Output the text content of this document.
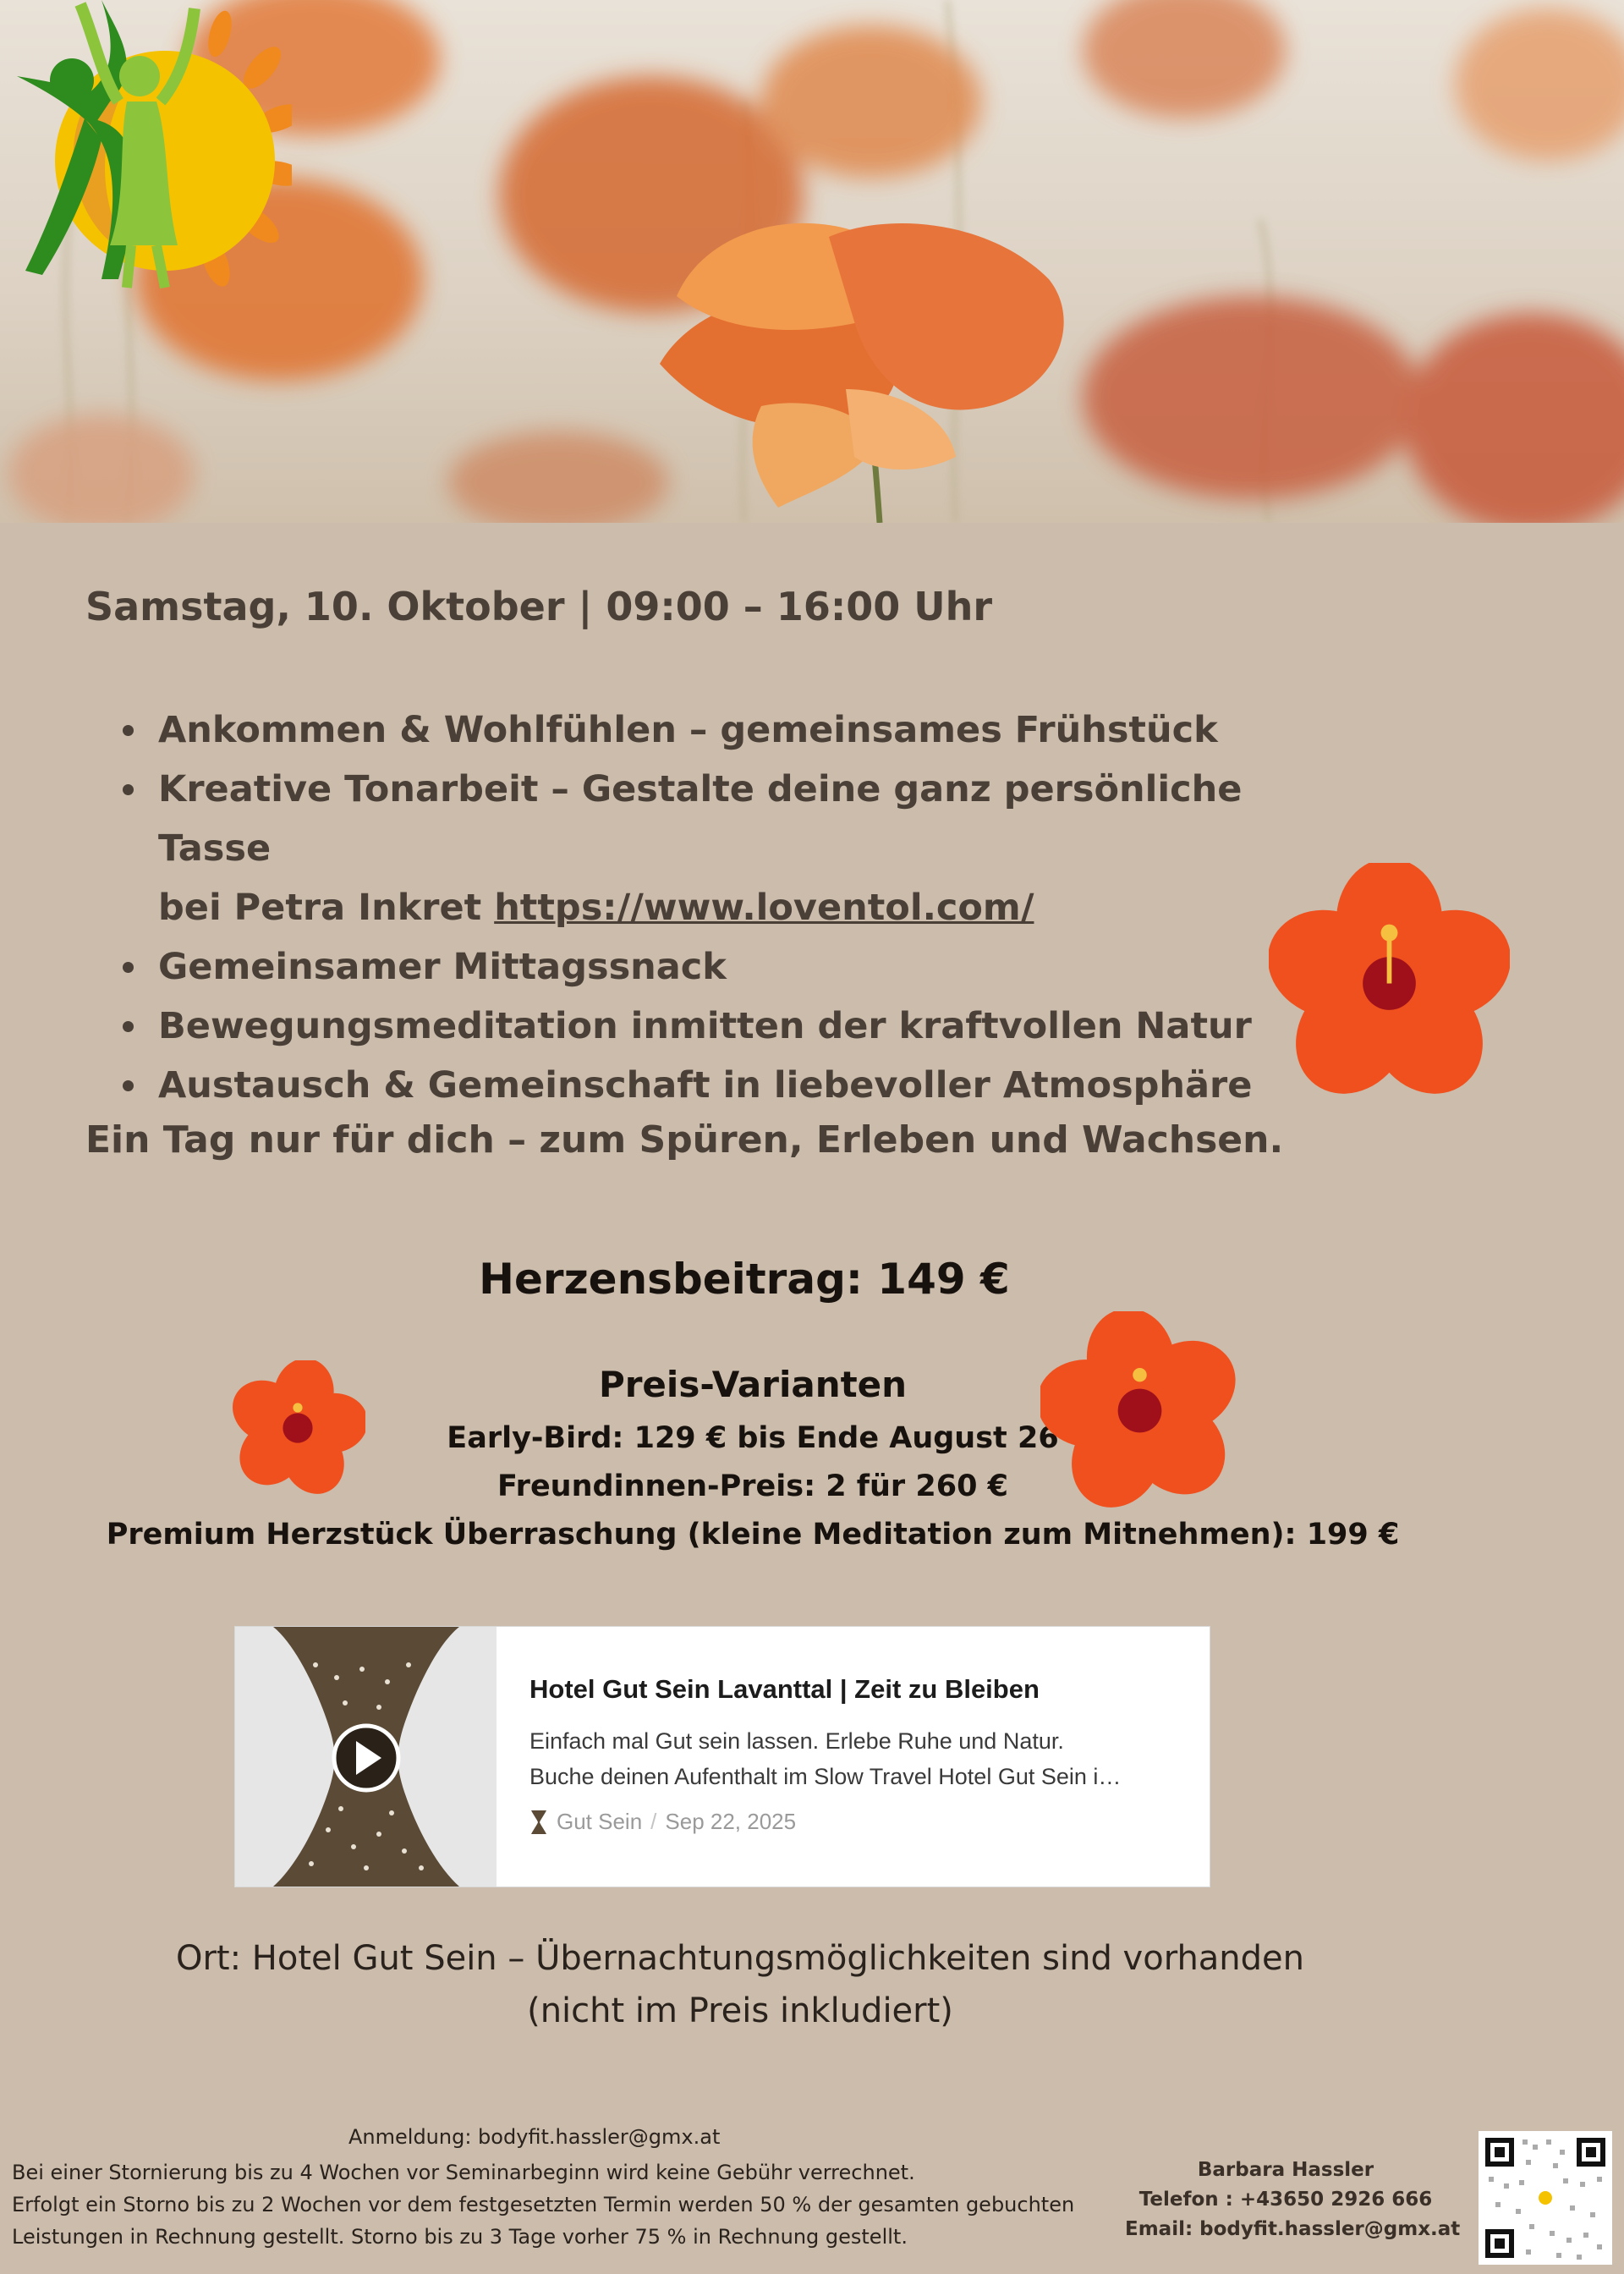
Samstag, 10. Oktober | 09:00 – 16:00 Uhr

Ankommen & Wohlfühlen – gemeinsames Frühstück
Kreative Tonarbeit – Gestalte deine ganz persönliche Tasse
bei Petra Inkret https://www.loventol.com/
Gemeinsamer Mittagssnack
Bewegungsmeditation inmitten der kraftvollen Natur
Austausch & Gemeinschaft in liebevoller Atmosphäre

Ein Tag nur für dich – zum Spüren, Erleben und Wachsen.

Herzensbeitrag: 149 €

Preis-Varianten

Early-Bird: 129 € bis Ende August 26

Freundinnen-Preis: 2 für 260 €

Premium Herzstück Überraschung (kleine Meditation zum Mitnehmen): 199 €

Hotel Gut Sein Lavanttal | Zeit zu Bleiben

Einfach mal Gut sein lassen. Erlebe Ruhe und Natur.
Buche deinen Aufenthalt im Slow Travel Hotel Gut Sein i…

Gut Sein / Sep 22, 2025

Ort: Hotel Gut Sein – Übernachtungsmöglichkeiten sind vorhanden

(nicht im Preis inkludiert)

Anmeldung: bodyfit.hassler@gmx.at

Bei einer Stornierung bis zu 4 Wochen vor Seminarbeginn wird keine Gebühr verrechnet.
Erfolgt ein Storno bis zu 2 Wochen vor dem festgesetzten Termin werden 50 % der gesamten gebuchten
Leistungen in Rechnung gestellt. Storno bis zu 3 Tage vorher 75 % in Rechnung gestellt.

Barbara Hassler
Telefon : +43650 2926 666
Email: bodyfit.hassler@gmx.at
